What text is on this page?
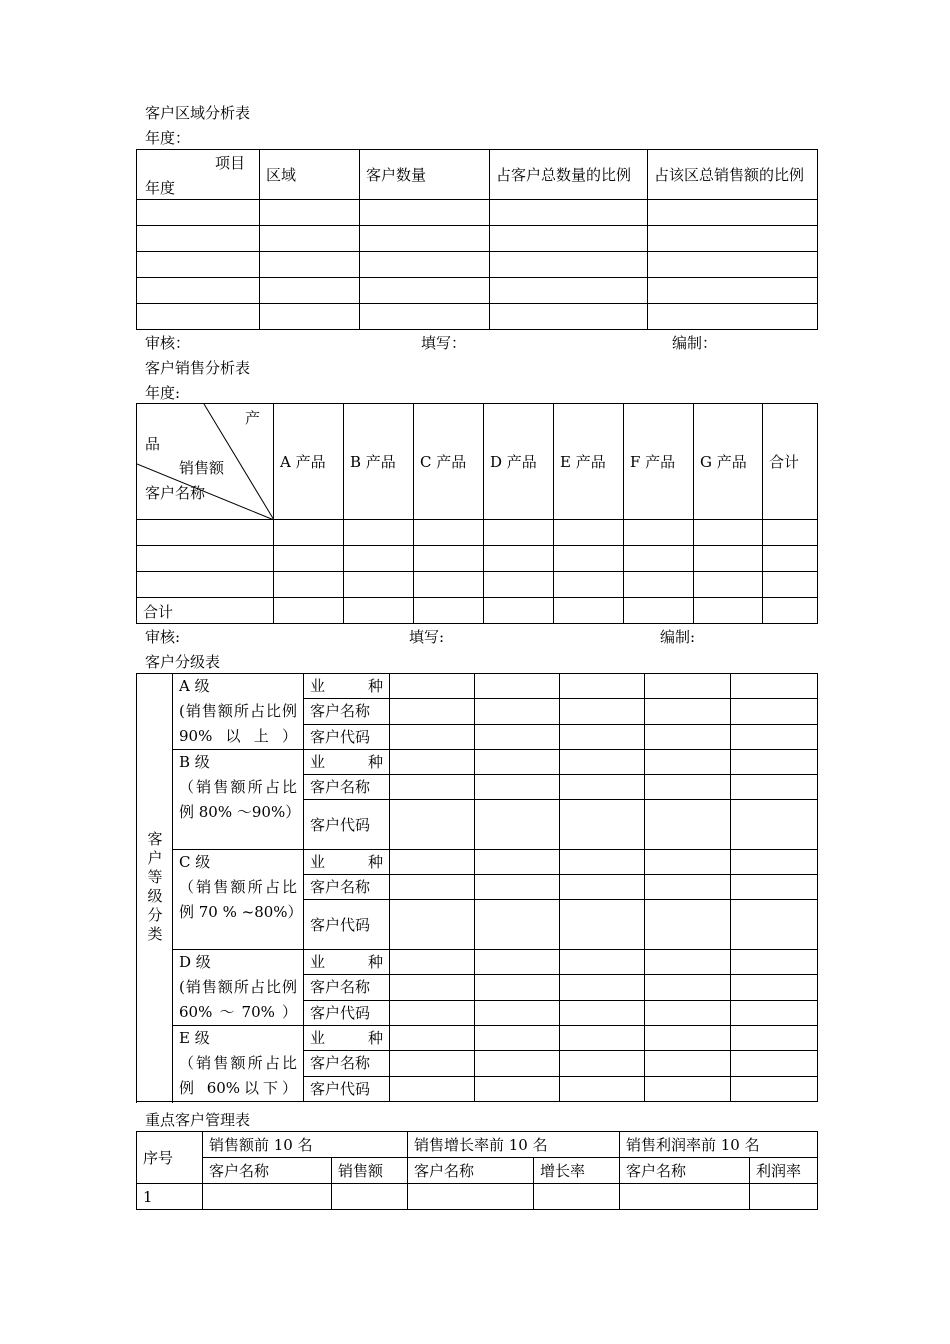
客户区域分析表
年度：
项目
年度	区域	客户数量	占客户总数量的比例	占该区总销售额的比例

审核：	填写：	编制：
客户销售分析表
年度:
产
品
销售额
客户名称	A 产品	B 产品	C 产品	D 产品	E 产品	F 产品	G 产品	合计

合计								
审核:	填写:	编制:
客户分级表
客户等级分类	A 级
(销售额所占比例 90%以上）	业　　种					
		客户名称					
		客户代码					

	B 级
（销售额所占比例 80% ～90%）	业　　种					
		客户名称					
		客户代码					

	C 级
（销售额所占比例 70 % ~80%）	业　　种					
		客户名称					
		客户代码					

	D 级
(销售额所占比例 60%～70%）	业　　种					
		客户名称					
		客户代码					

	E 级
（销售额所占比例 60%以下）	业　　种					
		客户名称					
		客户代码					

重点客户管理表
序号	销售额前 10 名		销售增长率前 10 名		销售利润率前 10 名	
	客户名称	销售额	客户名称	增长率	客户名称	利润率
1						
